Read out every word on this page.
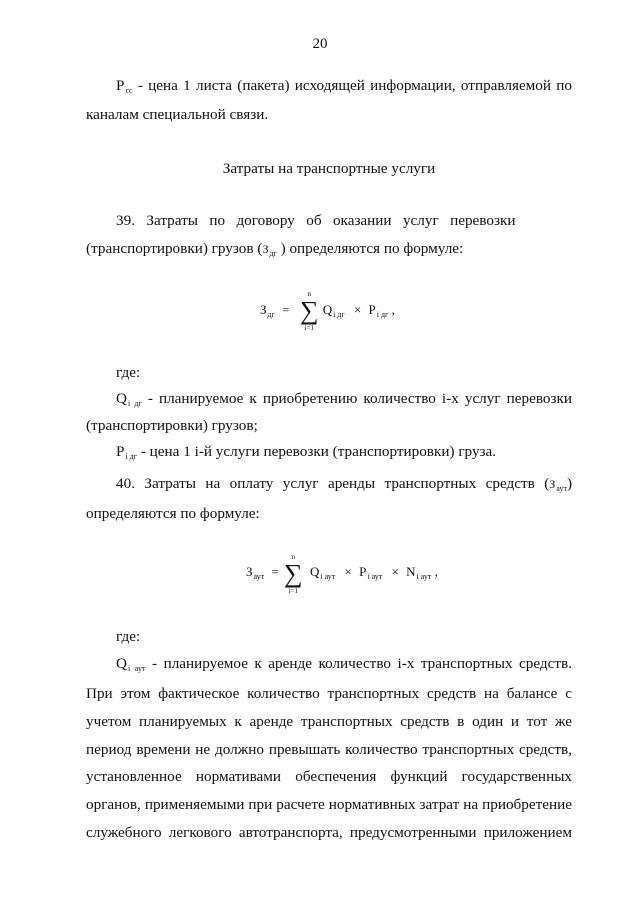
20
$P_{сс}$ - цена 1 листа (пакета) исходящей информации, отправляемой по
каналам специальной связи.
Затраты на транспортные услуги
39.   Затраты   по   договору   об   оказании   услуг   перевозки
(транспортировки) грузов ($З_{дг}$ ) определяются по формуле:
$З_{дг}$ =	$Q_{i дг} \times P_{i дг}$ ,
n
∑
i=1
где:
$Q_{i дг}$ - планируемое к приобретению количество i-х услуг перевозки
(транспортировки) грузов;
$P_{i дг}$ - цена 1 i-й услуги перевозки (транспортировки) груза.
40. Затраты на оплату услуг аренды транспортных средств $(З_{аут})$
определяются по формуле:
$З_{аут} = Q_{i аут} \times P_{i аут} \times N_{i аут}$ ,
n
∑
i=1
где:
$Q_{i аут}$ - планируемое к аренде количество i-х транспортных средств.
При этом фактическое количество транспортных средств на балансе с
учетом планируемых к аренде транспортных средств в один и тот же
период времени не должно превышать количество транспортных средств,
установленное нормативами обеспечения функций государственных
органов, применяемыми при расчете нормативных затрат на приобретение
служебного легкового автотранспорта, предусмотренными приложением
